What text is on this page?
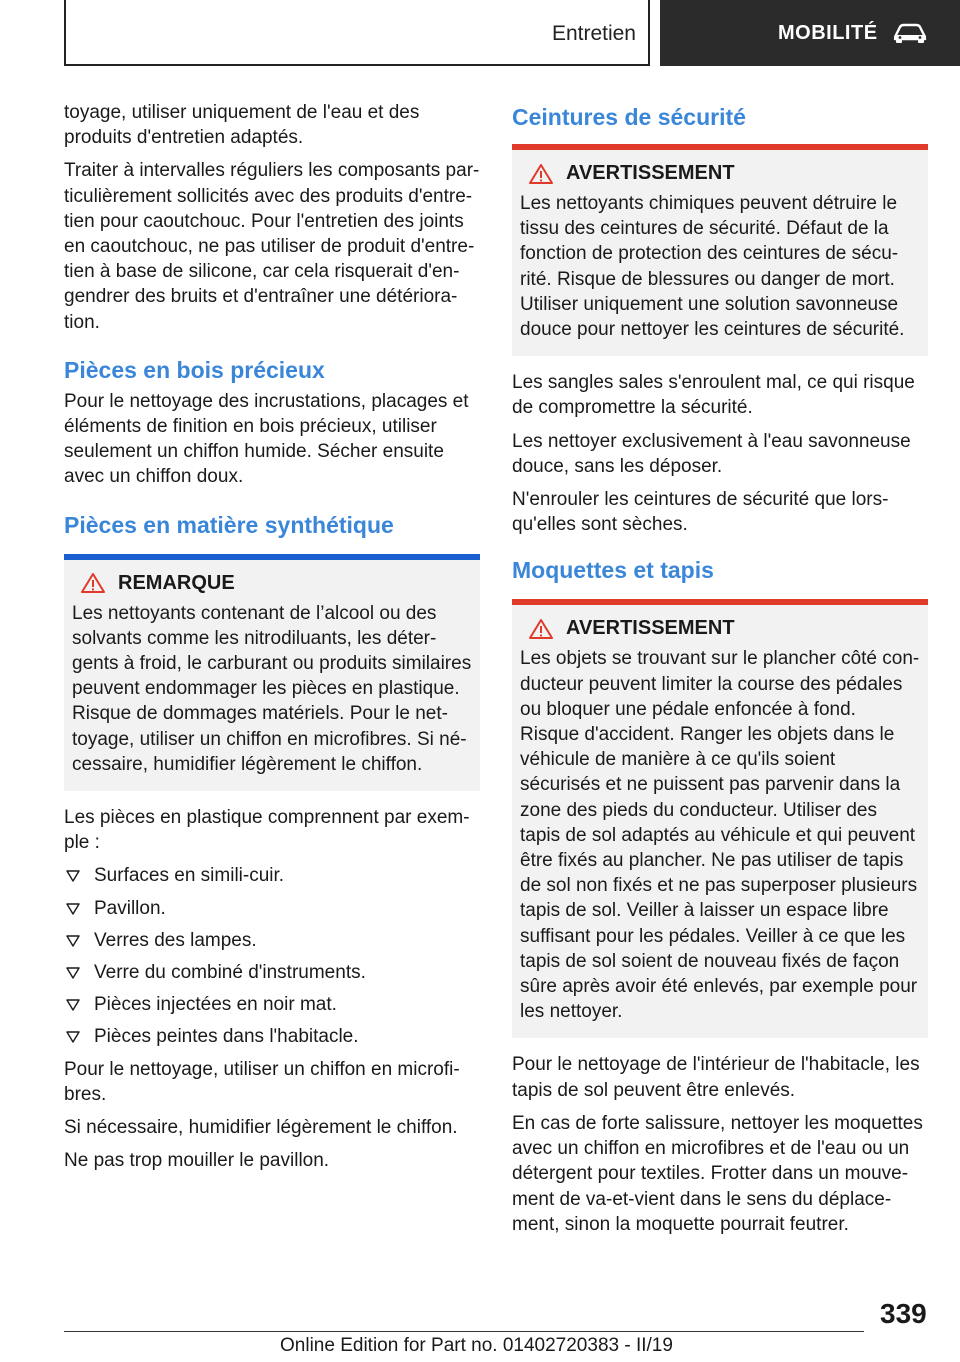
Entretien	MOBILITÉ

toyage, utiliser uniquement de l'eau et des produits d'entretien adaptés.

Traiter à intervalles réguliers les composants particulièrement sollicités avec des produits d'entretien pour caoutchouc. Pour l'entretien des joints en caoutchouc, ne pas utiliser de produit d'entretien à base de silicone, car cela risquerait d'engendrer des bruits et d'entraîner une détérioration.

Pièces en bois précieux

Pour le nettoyage des incrustations, placages et éléments de finition en bois précieux, utiliser seulement un chiffon humide. Sécher ensuite avec un chiffon doux.

Pièces en matière synthétique
REMARQUE

Les nettoyants contenant de l’alcool ou des solvants comme les nitrodiluants, les détergents à froid, le carburant ou produits similaires peuvent endommager les pièces en plastique. Risque de dommages matériels. Pour le nettoyage, utiliser un chiffon en microfibres. Si nécessaire, humidifier légèrement le chiffon.

Les pièces en plastique comprennent par exemple :

Surfaces en simili-cuir.
Pavillon.
Verres des lampes.
Verre du combiné d'instruments.
Pièces injectées en noir mat.
Pièces peintes dans l'habitacle.

Pour le nettoyage, utiliser un chiffon en microfibres.

Si nécessaire, humidifier légèrement le chiffon.

Ne pas trop mouiller le pavillon.

Ceintures de sécurité
AVERTISSEMENT

Les nettoyants chimiques peuvent détruire le tissu des ceintures de sécurité. Défaut de la fonction de protection des ceintures de sécurité. Risque de blessures ou danger de mort. Utiliser uniquement une solution savonneuse douce pour nettoyer les ceintures de sécurité.

Les sangles sales s'enroulent mal, ce qui risque de compromettre la sécurité.

Les nettoyer exclusivement à l'eau savonneuse douce, sans les déposer.

N'enrouler les ceintures de sécurité que lorsqu'elles sont sèches.

Moquettes et tapis
AVERTISSEMENT

Les objets se trouvant sur le plancher côté conducteur peuvent limiter la course des pédales ou bloquer une pédale enfoncée à fond. Risque d'accident. Ranger les objets dans le véhicule de manière à ce qu'ils soient sécurisés et ne puissent pas parvenir dans la zone des pieds du conducteur. Utiliser des tapis de sol adaptés au véhicule et qui peuvent être fixés au plancher. Ne pas utiliser de tapis de sol non fixés et ne pas superposer plusieurs tapis de sol. Veiller à laisser un espace libre suffisant pour les pédales. Veiller à ce que les tapis de sol soient de nouveau fixés de façon sûre après avoir été enlevés, par exemple pour les nettoyer.

Pour le nettoyage de l'intérieur de l'habitacle, les tapis de sol peuvent être enlevés.

En cas de forte salissure, nettoyer les moquettes avec un chiffon en microfibres et de l'eau ou un détergent pour textiles. Frotter dans un mouvement de va-et-vient dans le sens du déplacement, sinon la moquette pourrait feutrer.

339
Online Edition for Part no. 01402720383 - II/19
